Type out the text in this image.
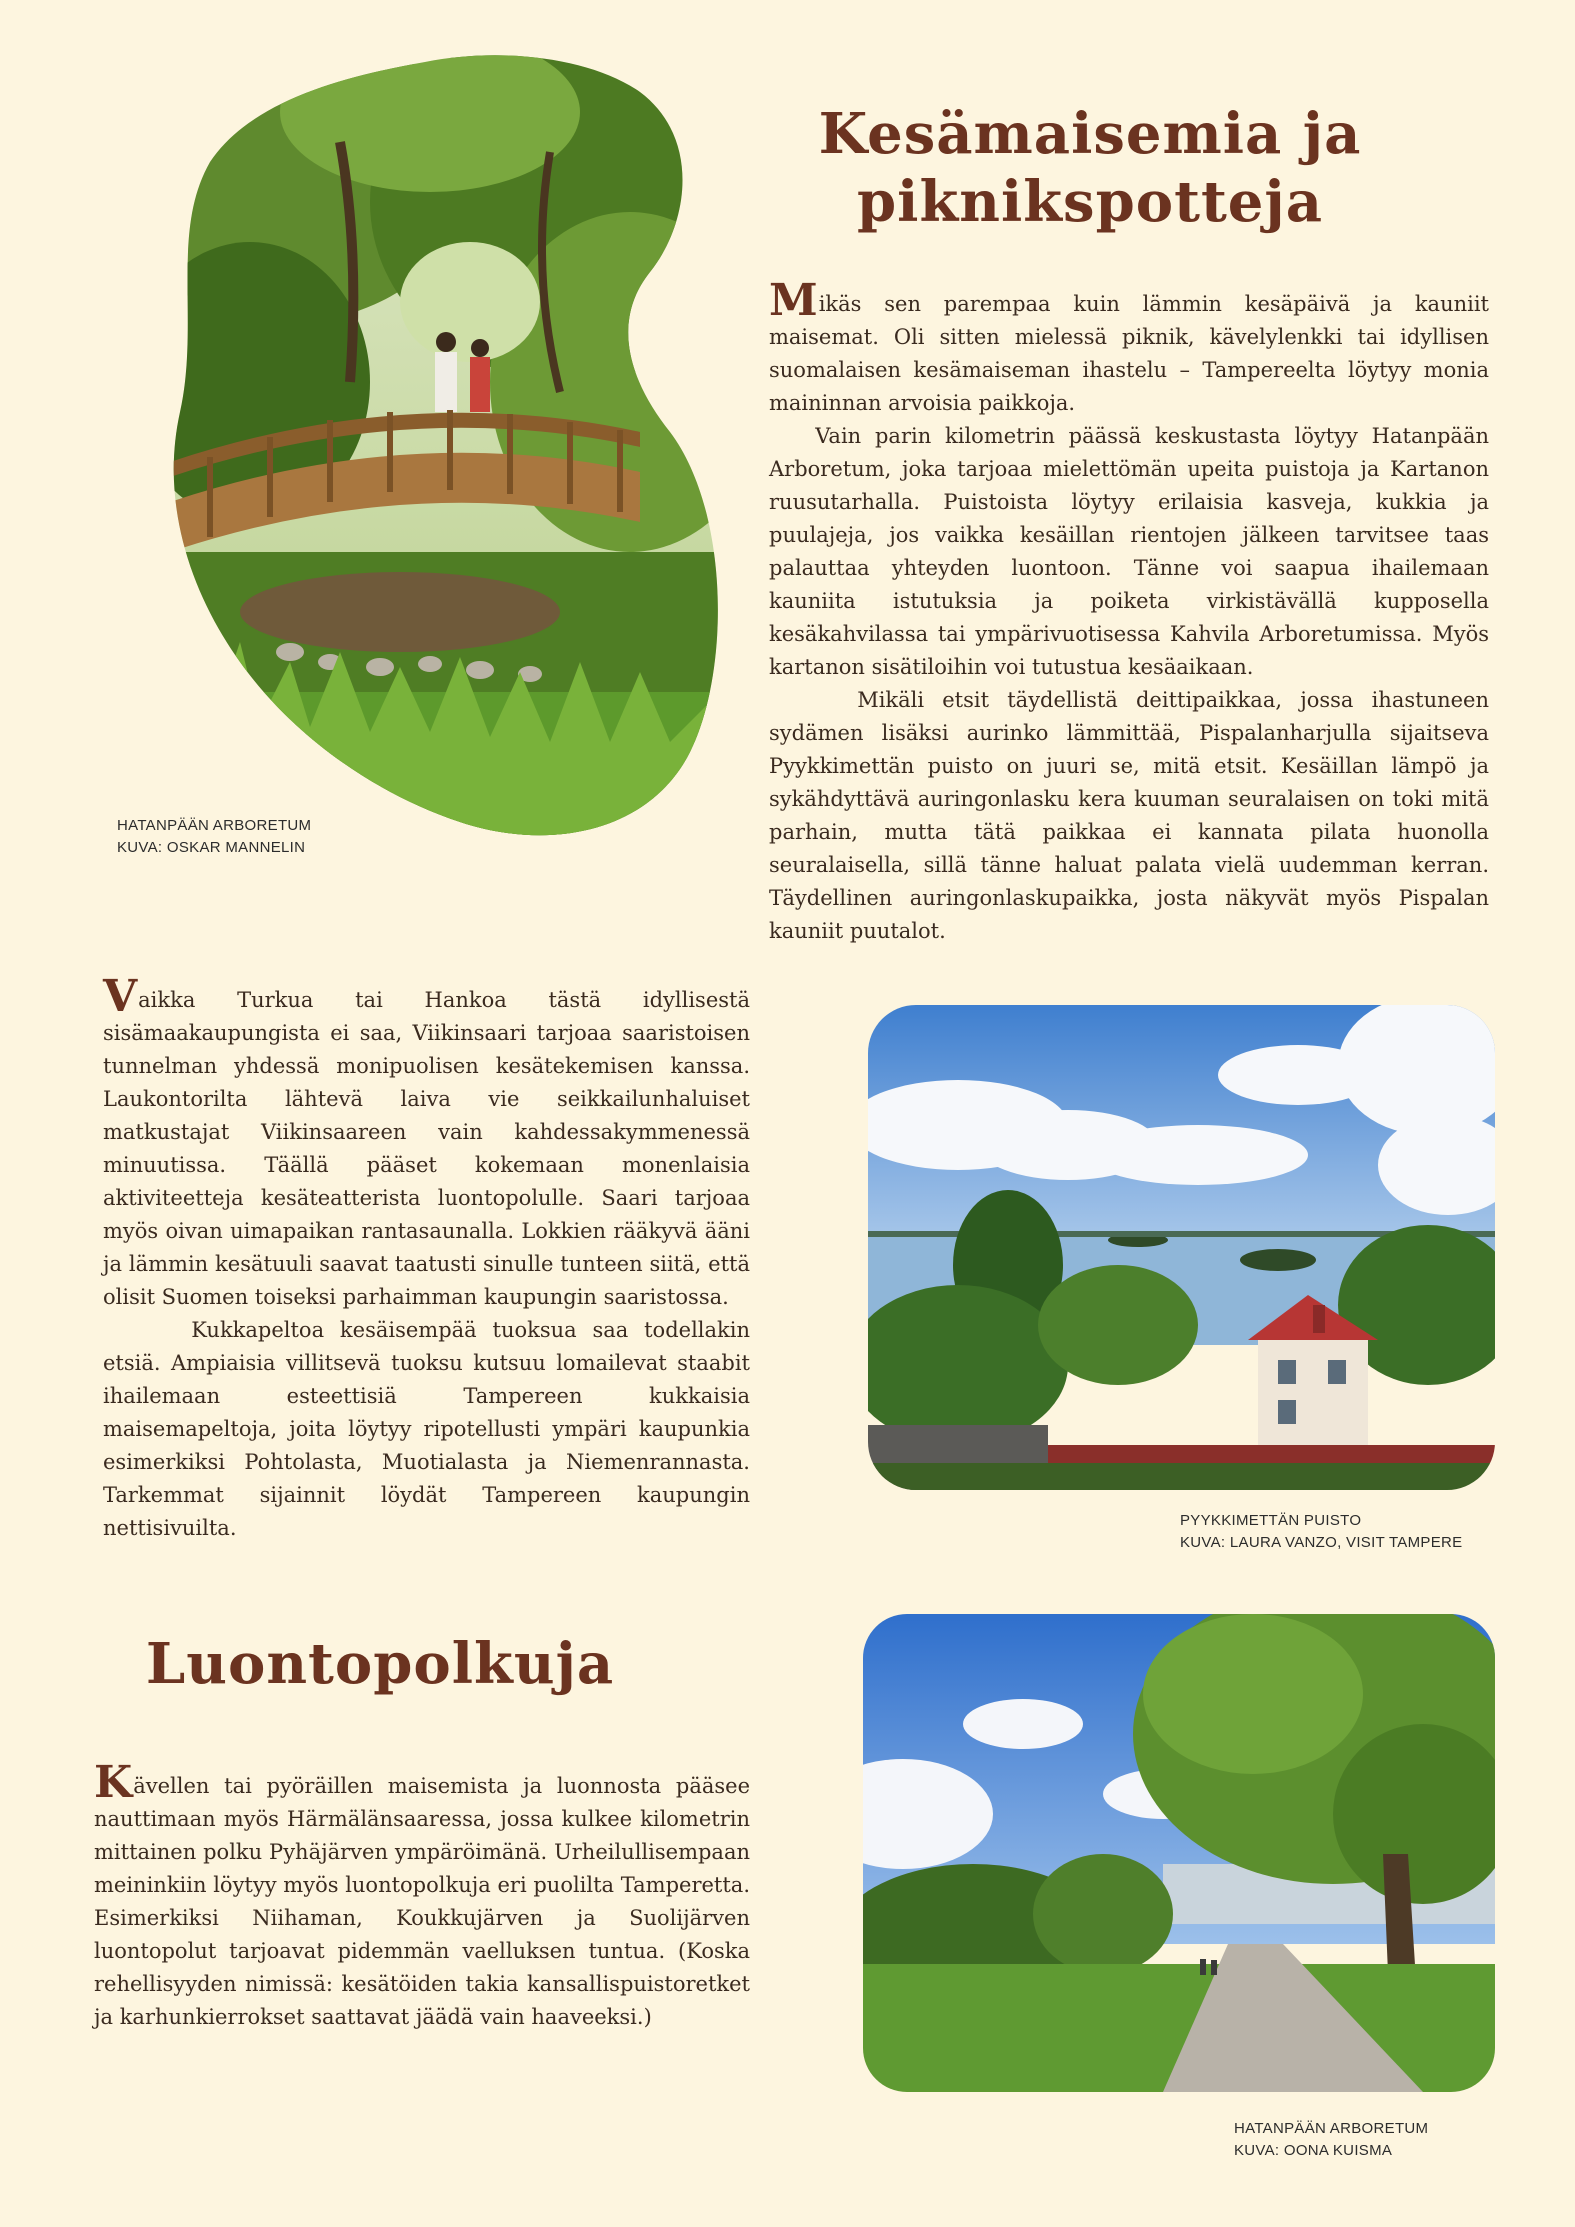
Kesämaisemia ja
piknikspotteja
Luontopolkuja
HATANPÄÄN ARBORETUM
KUVA: OSKAR MANNELIN

Mikäs sen parempaa kuin lämmin kesäpäivä ja kauniit maisemat. Oli sitten mielessä piknik, kävelylenkki tai idyllisen suomalaisen kesämaiseman ihastelu – Tampereelta löytyy monia maininnan arvoisia paikkoja.

Vain parin kilometrin päässä keskustasta löytyy Hatanpään Arboretum, joka tarjoaa mielettömän upeita puistoja ja Kartanon ruusutarhalla. Puistoista löytyy erilaisia kasveja, kukkia ja puulajeja, jos vaikka kesäillan rientojen jälkeen tarvitsee taas palauttaa yhteyden luontoon. Tänne voi saapua ihailemaan kauniita istutuksia ja poiketa virkistävällä kupposella kesäkahvilassa tai ympärivuotisessa Kahvila Arboretumissa. Myös kartanon sisätiloihin voi tutustua kesäaikaan.

Mikäli etsit täydellistä deittipaikkaa, jossa ihastuneen sydämen lisäksi aurinko lämmittää, Pispalanharjulla sijaitseva Pyykkimettän puisto on juuri se, mitä etsit. Kesäillan lämpö ja sykähdyttävä auringonlasku kera kuuman seuralaisen on toki mitä parhain, mutta tätä paikkaa ei kannata pilata huonolla seuralaisella, sillä tänne haluat palata vielä uudemman kerran. Täydellinen auringonlaskupaikka, josta näkyvät myös Pispalan kauniit puutalot.

Vaikka Turkua tai Hankoa tästä idyllisestä sisämaakaupungista ei saa, Viikinsaari tarjoaa saaristoisen tunnelman yhdessä monipuolisen kesätekemisen kanssa. Laukontorilta lähtevä laiva vie seikkailunhaluiset matkustajat Viikinsaareen vain kahdessakymmenessä minuutissa. Täällä pääset kokemaan monenlaisia aktiviteetteja kesäteatterista luontopolulle. Saari tarjoaa myös oivan uimapaikan rantasaunalla. Lokkien rääkyvä ääni ja lämmin kesätuuli saavat taatusti sinulle tunteen siitä, että olisit Suomen toiseksi parhaimman kaupungin saaristossa.

Kukkapeltoa kesäisempää tuoksua saa todellakin etsiä. Ampiaisia villitsevä tuoksu kutsuu lomailevat staabit ihailemaan esteettisiä Tampereen kukkaisia maisemapeltoja, joita löytyy ripotellusti ympäri kaupunkia esimerkiksi Pohtolasta, Muotialasta ja Niemenrannasta. Tarkemmat sijainnit löydät Tampereen kaupungin nettisivuilta.	PYYKKIMETTÄN PUISTO
KUVA: LAURA VANZO, VISIT TAMPERE

Kävellen tai pyöräillen maisemista ja luonnosta pääsee nauttimaan myös Härmälänsaaressa, jossa kulkee kilometrin mittainen polku Pyhäjärven ympäröimänä. Urheilullisempaan meininkiin löytyy myös luontopolkuja eri puolilta Tamperetta. Esimerkiksi Niihaman, Koukkujärven ja Suolijärven luontopolut tarjoavat pidemmän vaelluksen tuntua. (Koska rehellisyyden nimissä: kesätöiden takia kansallispuistoretket ja karhunkierrokset saattavat jäädä vain haaveeksi.)

HATANPÄÄN ARBORETUM
KUVA: OONA KUISMA
